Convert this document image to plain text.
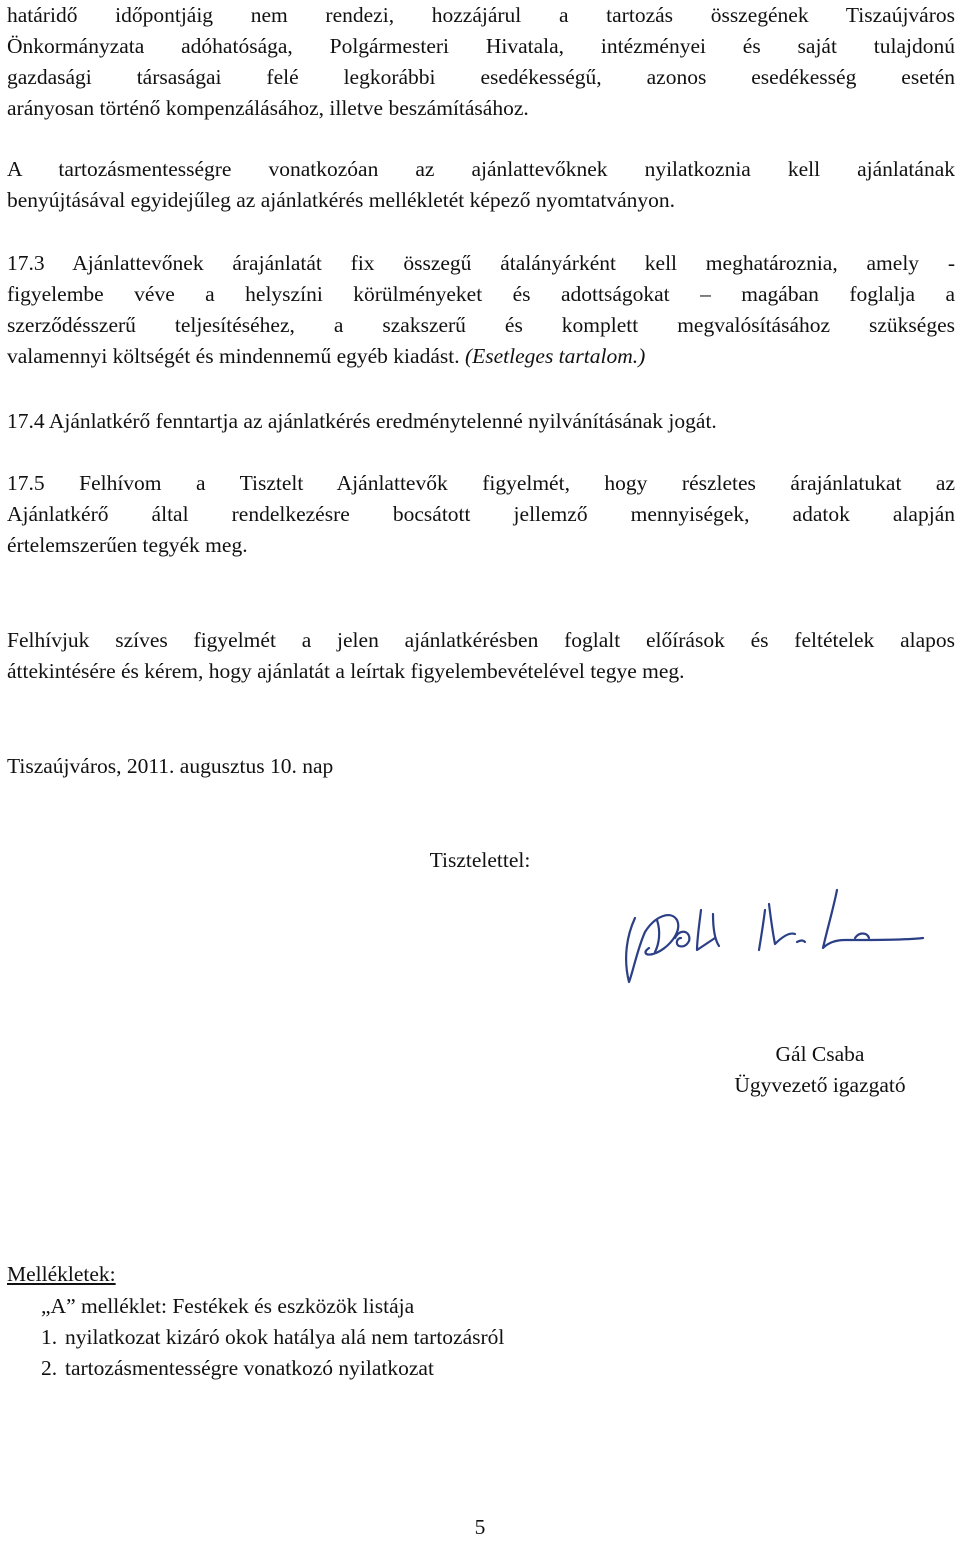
határidő időpontjáig nem rendezi, hozzájárul a tartozás összegének Tiszaújváros
Önkormányzata adóhatósága, Polgármesteri Hivatala, intézményei és saját tulajdonú
gazdasági társaságai felé legkorábbi esedékességű, azonos esedékesség esetén
arányosan történő kompenzálásához, illetve beszámításához.
A tartozásmentességre vonatkozóan az ajánlattevőknek nyilatkoznia kell ajánlatának
benyújtásával egyidejűleg az ajánlatkérés mellékletét képező nyomtatványon.
17.3 Ajánlattevőnek árajánlatát fix összegű átalányárként kell meghatároznia, amely -
figyelembe véve a helyszíni körülményeket és adottságokat – magában foglalja a
szerződésszerű teljesítéséhez, a szakszerű és komplett megvalósításához szükséges
valamennyi költségét és mindennemű egyéb kiadást. (Esetleges tartalom.)
17.4 Ajánlatkérő fenntartja az ajánlatkérés eredménytelenné nyilvánításának jogát.
17.5 Felhívom a Tisztelt Ajánlattevők figyelmét, hogy részletes árajánlatukat az
Ajánlatkérő által rendelkezésre bocsátott jellemző mennyiségek, adatok alapján
értelemszerűen tegyék meg.
Felhívjuk szíves figyelmét a jelen ajánlatkérésben foglalt előírások és feltételek alapos
áttekintésére és kérem, hogy ajánlatát a leírtak figyelembevételével tegye meg.
Tiszaújváros, 2011. augusztus 10. nap
Tisztelettel:
Gál Csaba
Ügyvezető igazgató
Mellékletek:
„A” melléklet: Festékek és eszközök listája
1. nyilatkozat kizáró okok hatálya alá nem tartozásról
2. tartozásmentességre vonatkozó nyilatkozat
5
